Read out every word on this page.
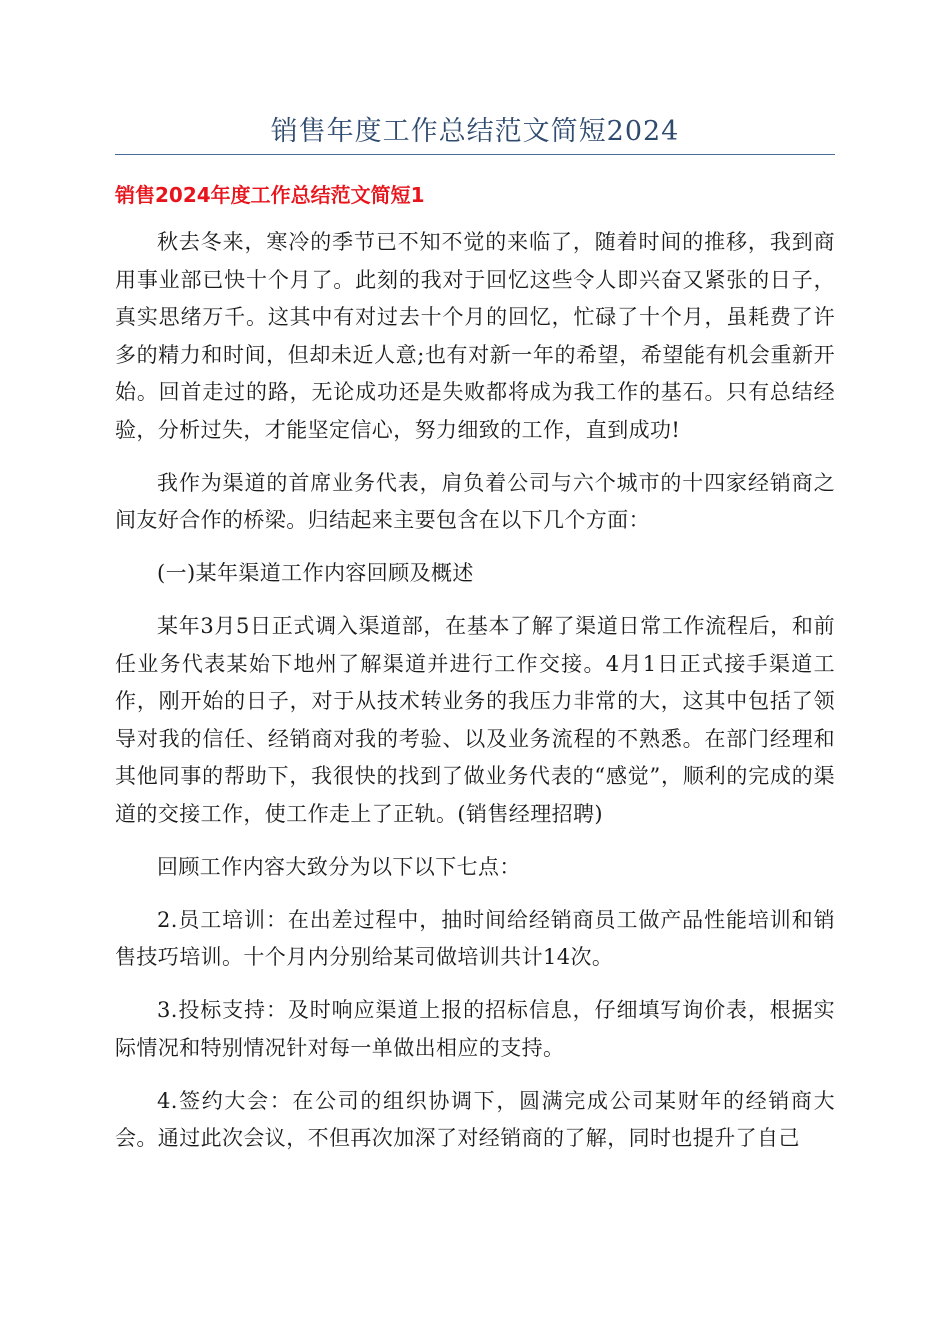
销售年度工作总结范文简短2024
销售2024年度工作总结范文简短1

秋去冬来，寒冷的季节已不知不觉的来临了，随着时间的推移，我到商用事业部已快十个月了。此刻的我对于回忆这些令人即兴奋又紧张的日子，真实思绪万千。这其中有对过去十个月的回忆，忙碌了十个月，虽耗费了许多的精力和时间，但却未近人意;也有对新一年的希望，希望能有机会重新开始。回首走过的路，无论成功还是失败都将成为我工作的基石。只有总结经验，分析过失，才能坚定信心，努力细致的工作，直到成功!

我作为渠道的首席业务代表，肩负着公司与六个城市的十四家经销商之间友好合作的桥梁。归结起来主要包含在以下几个方面：

(一)某年渠道工作内容回顾及概述

某年3月5日正式调入渠道部，在基本了解了渠道日常工作流程后，和前任业务代表某始下地州了解渠道并进行工作交接。4月1日正式接手渠道工作，刚开始的日子，对于从技术转业务的我压力非常的大，这其中包括了领导对我的信任、经销商对我的考验、以及业务流程的不熟悉。在部门经理和其他同事的帮助下，我很快的找到了做业务代表的“感觉”，顺利的完成的渠道的交接工作，使工作走上了正轨。(销售经理招聘)

回顾工作内容大致分为以下以下七点：

2.员工培训：在出差过程中，抽时间给经销商员工做产品性能培训和销售技巧培训。十个月内分别给某司做培训共计14次。

3.投标支持：及时响应渠道上报的招标信息，仔细填写询价表，根据实际情况和特别情况针对每一单做出相应的支持。

4.签约大会：在公司的组织协调下，圆满完成公司某财年的经销商大会。通过此次会议，不但再次加深了对经销商的了解，同时也提升了自己
